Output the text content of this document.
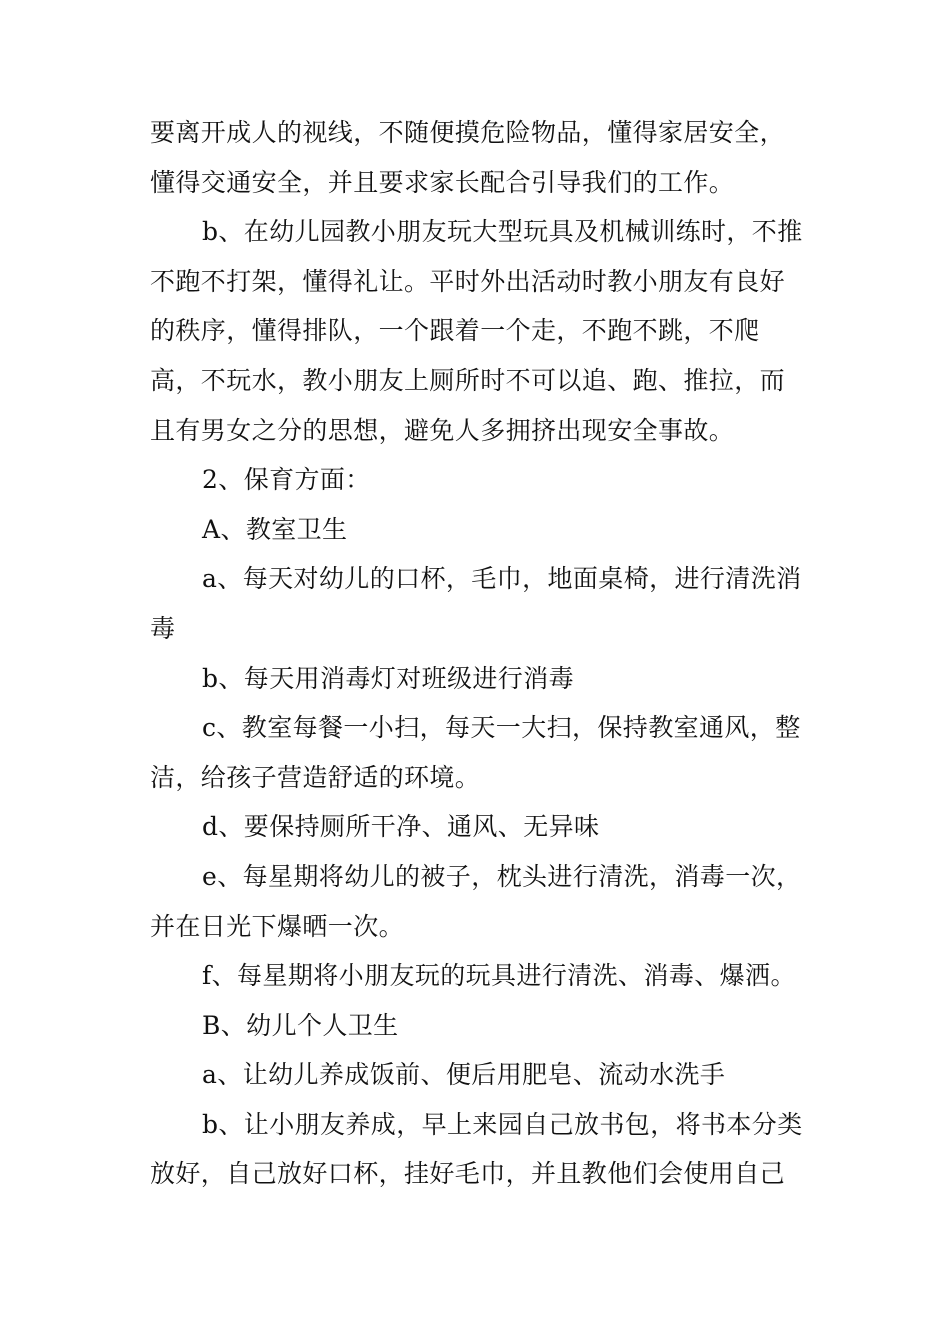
要离开成人的视线，不随便摸危险物品，懂得家居安全，懂得交通安全，并且要求家长配合引导我们的工作。

b、在幼儿园教小朋友玩大型玩具及机械训练时，不推不跑不打架，懂得礼让。平时外出活动时教小朋友有良好的秩序，懂得排队，一个跟着一个走，不跑不跳，不爬高，不玩水，教小朋友上厕所时不可以追、跑、推拉，而且有男女之分的思想，避免人多拥挤出现安全事故。

2、保育方面：

A、教室卫生

a、每天对幼儿的口杯，毛巾，地面桌椅，进行清洗消毒

b、每天用消毒灯对班级进行消毒

c、教室每餐一小扫，每天一大扫，保持教室通风，整洁，给孩子营造舒适的环境。

d、要保持厕所干净、通风、无异味

e、每星期将幼儿的被子，枕头进行清洗，消毒一次，并在日光下爆晒一次。

f、每星期将小朋友玩的玩具进行清洗、消毒、爆洒。

B、幼儿个人卫生

a、让幼儿养成饭前、便后用肥皂、流动水洗手

b、让小朋友养成，早上来园自己放书包，将书本分类放好，自己放好口杯，挂好毛巾，并且教他们会使用自己
